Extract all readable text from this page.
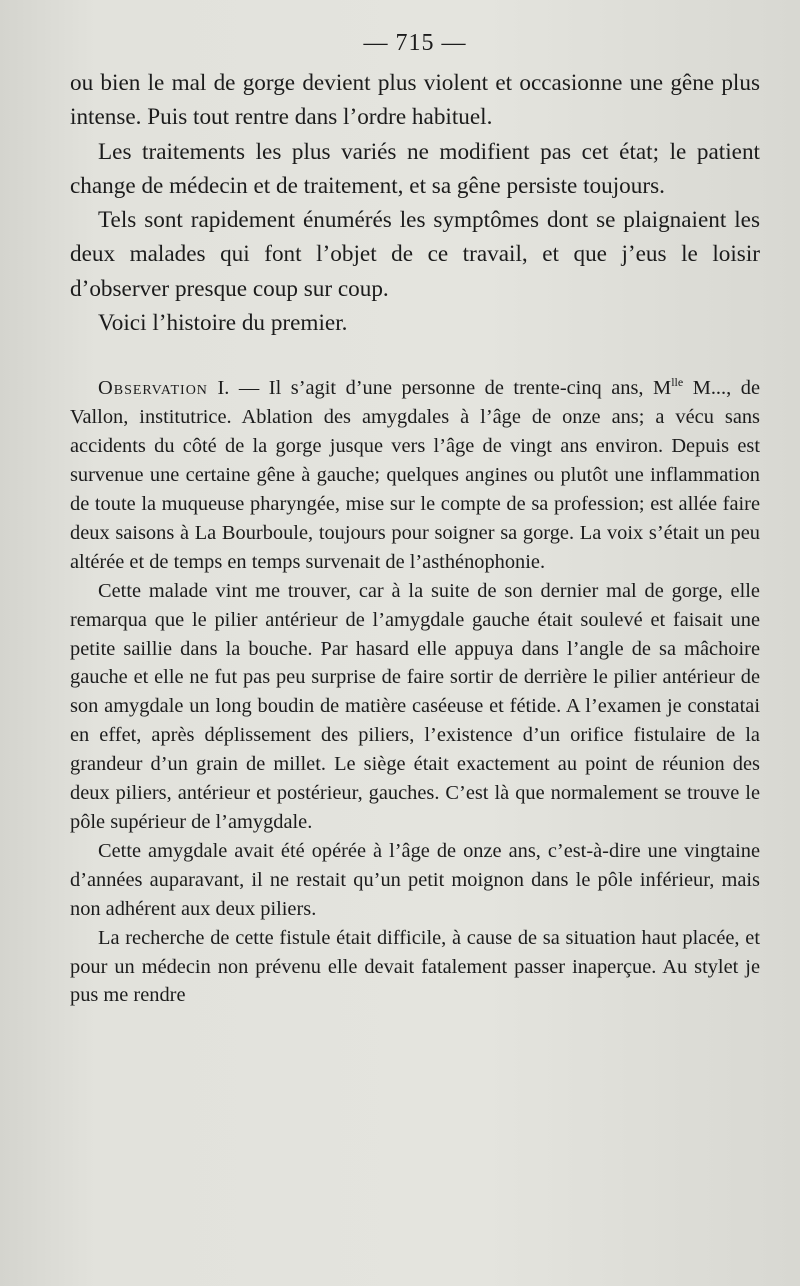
— 715 —

ou bien le mal de gorge devient plus violent et occasionne une gêne plus intense. Puis tout rentre dans l’ordre habituel.

Les traitements les plus variés ne modifient pas cet état; le patient change de médecin et de traitement, et sa gêne persiste toujours.

Tels sont rapidement énumérés les symptômes dont se plaignaient les deux malades qui font l’objet de ce travail, et que j’eus le loisir d’observer presque coup sur coup.

Voici l’histoire du premier.

Observation I. — Il s’agit d’une personne de trente-cinq ans, $M^{lle}$ M..., de Vallon, institutrice. Ablation des amygdales à l’âge de onze ans; a vécu sans accidents du côté de la gorge jusque vers l’âge de vingt ans environ. Depuis est survenue une certaine gêne à gauche; quelques angines ou plutôt une inflammation de toute la muqueuse pharyngée, mise sur le compte de sa profession; est allée faire deux saisons à La Bourboule, toujours pour soigner sa gorge. La voix s’était un peu altérée et de temps en temps survenait de l’asthénophonie.

Cette malade vint me trouver, car à la suite de son dernier mal de gorge, elle remarqua que le pilier antérieur de l’amygdale gauche était soulevé et faisait une petite saillie dans la bouche. Par hasard elle appuya dans l’angle de sa mâchoire gauche et elle ne fut pas peu surprise de faire sortir de derrière le pilier antérieur de son amygdale un long boudin de matière caséeuse et fétide. A l’examen je constatai en effet, après déplissement des piliers, l’existence d’un orifice fistulaire de la grandeur d’un grain de millet. Le siège était exactement au point de réunion des deux piliers, antérieur et postérieur, gauches. C’est là que normalement se trouve le pôle supérieur de l’amygdale.

Cette amygdale avait été opérée à l’âge de onze ans, c’est-à-dire une vingtaine d’années auparavant, il ne restait qu’un petit moignon dans le pôle inférieur, mais non adhérent aux deux piliers.

La recherche de cette fistule était difficile, à cause de sa situation haut placée, et pour un médecin non prévenu elle devait fatalement passer inaperçue. Au stylet je pus me rendre
